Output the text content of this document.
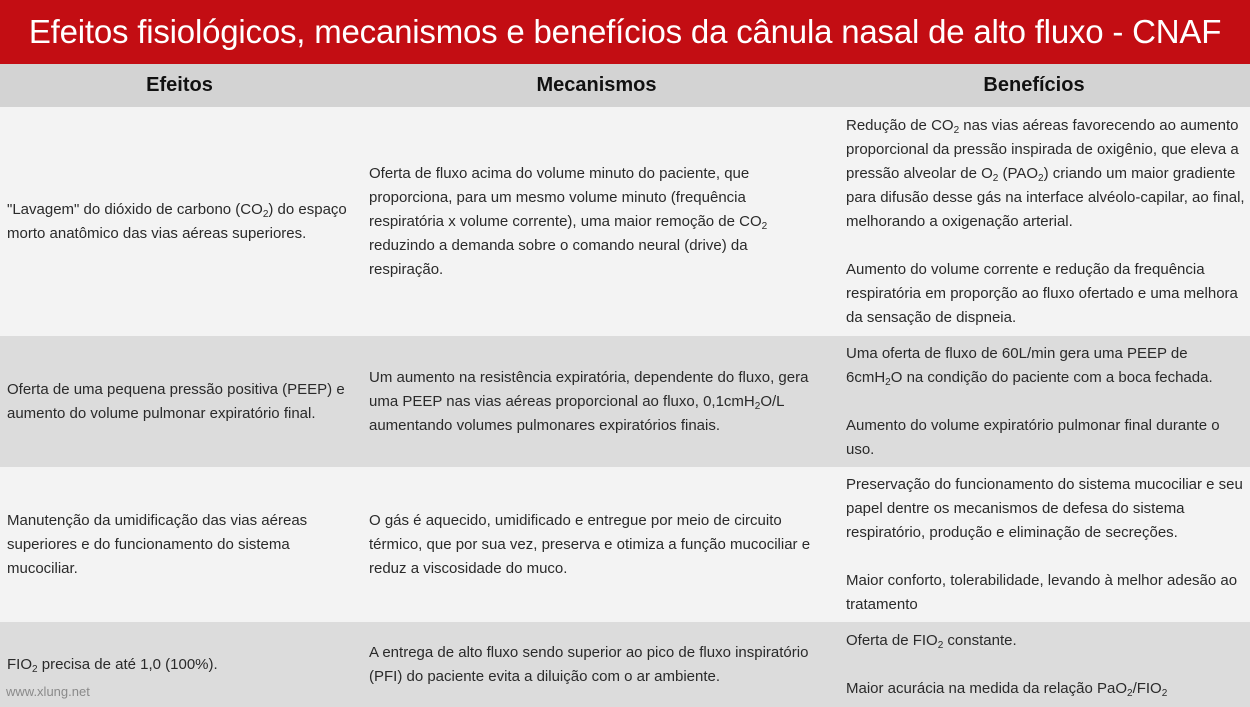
Efeitos fisiológicos, mecanismos e benefícios da cânula nasal de alto fluxo - CNAF
Efeitos	Mecanismos	Benefícios
"Lavagem" do dióxido de carbono $(CO_2)$ do espaço morto anatômico das vias aéreas superiores.
Oferta de fluxo acima do volume minuto do paciente, que proporciona, para um mesmo volume minuto (frequência respiratória x volume corrente), uma maior remoção de $CO_2$ reduzindo a demanda sobre o comando neural (drive) da respiração.
Redução de $CO_2$ nas vias aéreas favorecendo ao aumento proporcional da pressão inspirada de oxigênio, que eleva a pressão alveolar de $O_2$ $(PAO_2)$ criando um maior gradiente para difusão desse gás na interface alvéolo-capilar, ao final, melhorando a oxigenação arterial.
Aumento do volume corrente e redução da frequência respiratória em proporção ao fluxo ofertado e uma melhora da sensação de dispneia.
Oferta de uma pequena pressão positiva (PEEP) e aumento do volume pulmonar expiratório final.
Um aumento na resistência expiratória, dependente do fluxo, gera uma PEEP nas vias aéreas proporcional ao fluxo, 0,1cmH$_2$O/L aumentando volumes pulmonares expiratórios finais.
Uma oferta de fluxo de 60L/min gera uma PEEP de 6cmH$_2$O na condição do paciente com a boca fechada.
Aumento do volume expiratório pulmonar final durante o uso.
Manutenção da umidificação das vias aéreas superiores e do funcionamento do sistema mucociliar.
O gás é aquecido, umidificado e entregue por meio de circuito térmico, que por sua vez, preserva e otimiza a função mucociliar e reduz a viscosidade do muco.
Preservação do funcionamento do sistema mucociliar e seu papel dentre os mecanismos de defesa do sistema respiratório, produção e eliminação de secreções.
Maior conforto, tolerabilidade, levando à melhor adesão ao tratamento
$FIO_2$ precisa de até 1,0 (100%).
A entrega de alto fluxo sendo superior ao pico de fluxo inspiratório (PFI) do paciente evita a diluição com o ar ambiente.
Oferta de $FIO_2$ constante.
Maior acurácia na medida da relação $PaO_2/FIO_2$
www.xlung.net
